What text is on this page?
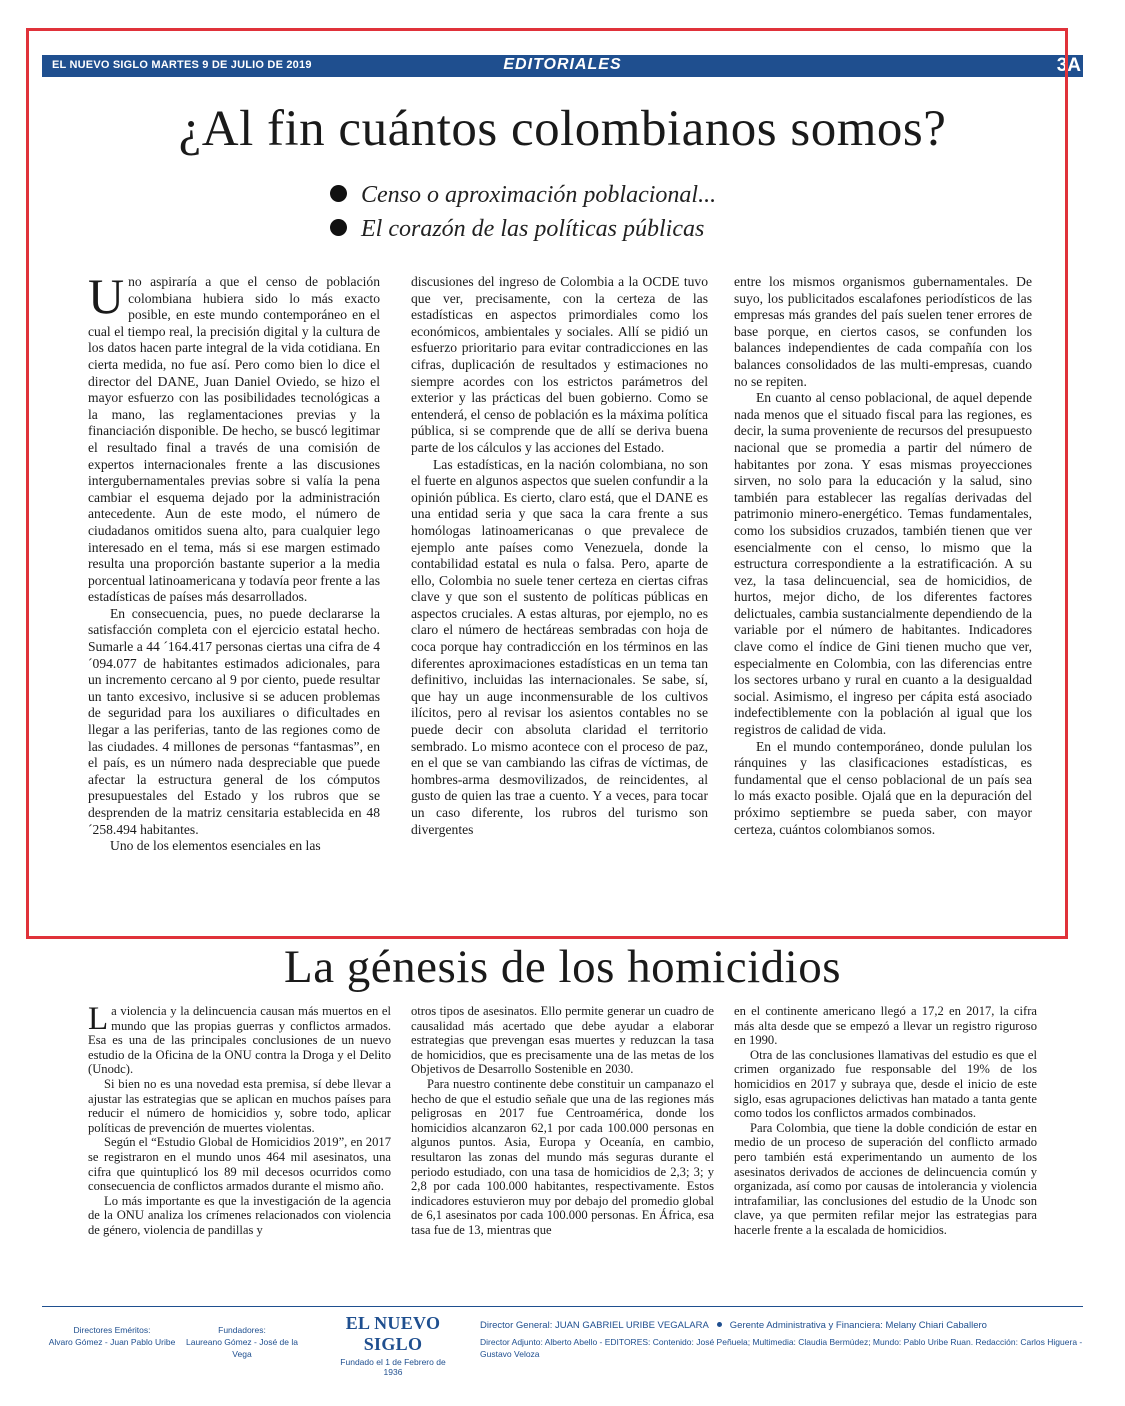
EL NUEVO SIGLO MARTES 9 DE JULIO DE 2019	EDITORIALES	3A
¿Al fin cuántos colombianos somos?
Censo o aproximación poblacional...
El corazón de las políticas públicas

Uno aspiraría a que el censo de población colombiana hubiera sido lo más exacto posible, en este mundo contemporáneo en el cual el tiempo real, la precisión digital y la cultura de los datos hacen parte integral de la vida cotidiana. En cierta medida, no fue así. Pero como bien lo dice el director del DANE, Juan Daniel Oviedo, se hizo el mayor esfuerzo con las posibilidades tecnológicas a la mano, las reglamentaciones previas y la financiación disponible. De hecho, se buscó legitimar el resultado final a través de una comisión de expertos internacionales frente a las discusiones intergubernamentales previas sobre si valía la pena cambiar el esquema dejado por la administración antecedente. Aun de este modo, el número de ciudadanos omitidos suena alto, para cualquier lego interesado en el tema, más si ese margen estimado resulta una proporción bastante superior a la media porcentual latinoamericana y todavía peor frente a las estadísticas de países más desarrollados.

En consecuencia, pues, no puede declararse la satisfacción completa con el ejercicio estatal hecho. Sumarle a 44 ´164.417 personas ciertas una cifra de 4 ´094.077 de habitantes estimados adicionales, para un incremento cercano al 9 por ciento, puede resultar un tanto excesivo, inclusive si se aducen problemas de seguridad para los auxiliares o dificultades en llegar a las periferias, tanto de las regiones como de las ciudades. 4 millones de personas “fantasmas”, en el país, es un número nada despreciable que puede afectar la estructura general de los cómputos presupuestales del Estado y los rubros que se desprenden de la matriz censitaria establecida en 48 ´258.494 habitantes.

Uno de los elementos esenciales en las

discusiones del ingreso de Colombia a la OCDE tuvo que ver, precisamente, con la certeza de las estadísticas en aspectos primordiales como los económicos, ambientales y sociales. Allí se pidió un esfuerzo prioritario para evitar contradicciones en las cifras, duplicación de resultados y estimaciones no siempre acordes con los estrictos parámetros del exterior y las prácticas del buen gobierno. Como se entenderá, el censo de población es la máxima política pública, si se comprende que de allí se deriva buena parte de los cálculos y las acciones del Estado.

Las estadísticas, en la nación colombiana, no son el fuerte en algunos aspectos que suelen confundir a la opinión pública. Es cierto, claro está, que el DANE es una entidad seria y que saca la cara frente a sus homólogas latinoamericanas o que prevalece de ejemplo ante países como Venezuela, donde la contabilidad estatal es nula o falsa. Pero, aparte de ello, Colombia no suele tener certeza en ciertas cifras clave y que son el sustento de políticas públicas en aspectos cruciales. A estas alturas, por ejemplo, no es claro el número de hectáreas sembradas con hoja de coca porque hay contradicción en los términos en las diferentes aproximaciones estadísticas en un tema tan definitivo, incluidas las internacionales. Se sabe, sí, que hay un auge inconmensurable de los cultivos ilícitos, pero al revisar los asientos contables no se puede decir con absoluta claridad el territorio sembrado. Lo mismo acontece con el proceso de paz, en el que se van cambiando las cifras de víctimas, de hombres-arma desmovilizados, de reincidentes, al gusto de quien las trae a cuento. Y a veces, para tocar un caso diferente, los rubros del turismo son divergentes

entre los mismos organismos gubernamentales. De suyo, los publicitados escalafones periodísticos de las empresas más grandes del país suelen tener errores de base porque, en ciertos casos, se confunden los balances independientes de cada compañía con los balances consolidados de las multi-empresas, cuando no se repiten.

En cuanto al censo poblacional, de aquel depende nada menos que el situado fiscal para las regiones, es decir, la suma proveniente de recursos del presupuesto nacional que se promedia a partir del número de habitantes por zona. Y esas mismas proyecciones sirven, no solo para la educación y la salud, sino también para establecer las regalías derivadas del patrimonio minero-energético. Temas fundamentales, como los subsidios cruzados, también tienen que ver esencialmente con el censo, lo mismo que la estructura correspondiente a la estratificación. A su vez, la tasa delincuencial, sea de homicidios, de hurtos, mejor dicho, de los diferentes factores delictuales, cambia sustancialmente dependiendo de la variable por el número de habitantes. Indicadores clave como el índice de Gini tienen mucho que ver, especialmente en Colombia, con las diferencias entre los sectores urbano y rural en cuanto a la desigualdad social. Asimismo, el ingreso per cápita está asociado indefectiblemente con la población al igual que los registros de calidad de vida.

En el mundo contemporáneo, donde pululan los ránquines y las clasificaciones estadísticas, es fundamental que el censo poblacional de un país sea lo más exacto posible. Ojalá que en la depuración del próximo septiembre se pueda saber, con mayor certeza, cuántos colombianos somos.

La génesis de los homicidios

La violencia y la delincuencia causan más muertos en el mundo que las propias guerras y conflictos armados. Esa es una de las principales conclusiones de un nuevo estudio de la Oficina de la ONU contra la Droga y el Delito (Unodc).

Si bien no es una novedad esta premisa, sí debe llevar a ajustar las estrategias que se aplican en muchos países para reducir el número de homicidios y, sobre todo, aplicar políticas de prevención de muertes violentas.

Según el “Estudio Global de Homicidios 2019”, en 2017 se registraron en el mundo unos 464 mil asesinatos, una cifra que quintuplicó los 89 mil decesos ocurridos como consecuencia de conflictos armados durante el mismo año.

Lo más importante es que la investigación de la agencia de la ONU analiza los crímenes relacionados con violencia de género, violencia de pandillas y

otros tipos de asesinatos. Ello permite generar un cuadro de causalidad más acertado que debe ayudar a elaborar estrategias que prevengan esas muertes y reduzcan la tasa de homicidios, que es precisamente una de las metas de los Objetivos de Desarrollo Sostenible en 2030.

Para nuestro continente debe constituir un campanazo el hecho de que el estudio señale que una de las regiones más peligrosas en 2017 fue Centroamérica, donde los homicidios alcanzaron 62,1 por cada 100.000 personas en algunos puntos. Asia, Europa y Oceanía, en cambio, resultaron las zonas del mundo más seguras durante el periodo estudiado, con una tasa de homicidios de 2,3; 3; y 2,8 por cada 100.000 habitantes, respectivamente. Estos indicadores estuvieron muy por debajo del promedio global de 6,1 asesinatos por cada 100.000 personas. En África, esa tasa fue de 13, mientras que

en el continente americano llegó a 17,2 en 2017, la cifra más alta desde que se empezó a llevar un registro riguroso en 1990.

Otra de las conclusiones llamativas del estudio es que el crimen organizado fue responsable del 19% de los homicidios en 2017 y subraya que, desde el inicio de este siglo, esas agrupaciones delictivas han matado a tanta gente como todos los conflictos armados combinados.

Para Colombia, que tiene la doble condición de estar en medio de un proceso de superación del conflicto armado pero también está experimentando un aumento de los asesinatos derivados de acciones de delincuencia común y organizada, así como por causas de intolerancia y violencia intrafamiliar, las conclusiones del estudio de la Unodc son clave, ya que permiten refilar mejor las estrategias para hacerle frente a la escalada de homicidios.

Directores Eméritos:
Alvaro Gómez - Juan Pablo Uribe
Fundadores:
Laureano Gómez - José de la Vega
EL NUEVO SIGLO
Fundado el 1 de Febrero de 1936
Director General: JUAN GABRIEL URIBE VEGALARA Gerente Administrativa y Financiera: Melany Chiari Caballero
Director Adjunto: Alberto Abello - EDITORES: Contenido: José Peñuela; Multimedia: Claudia Bermúdez; Mundo: Pablo Uribe Ruan. Redacción: Carlos Higuera - Gustavo Veloza
